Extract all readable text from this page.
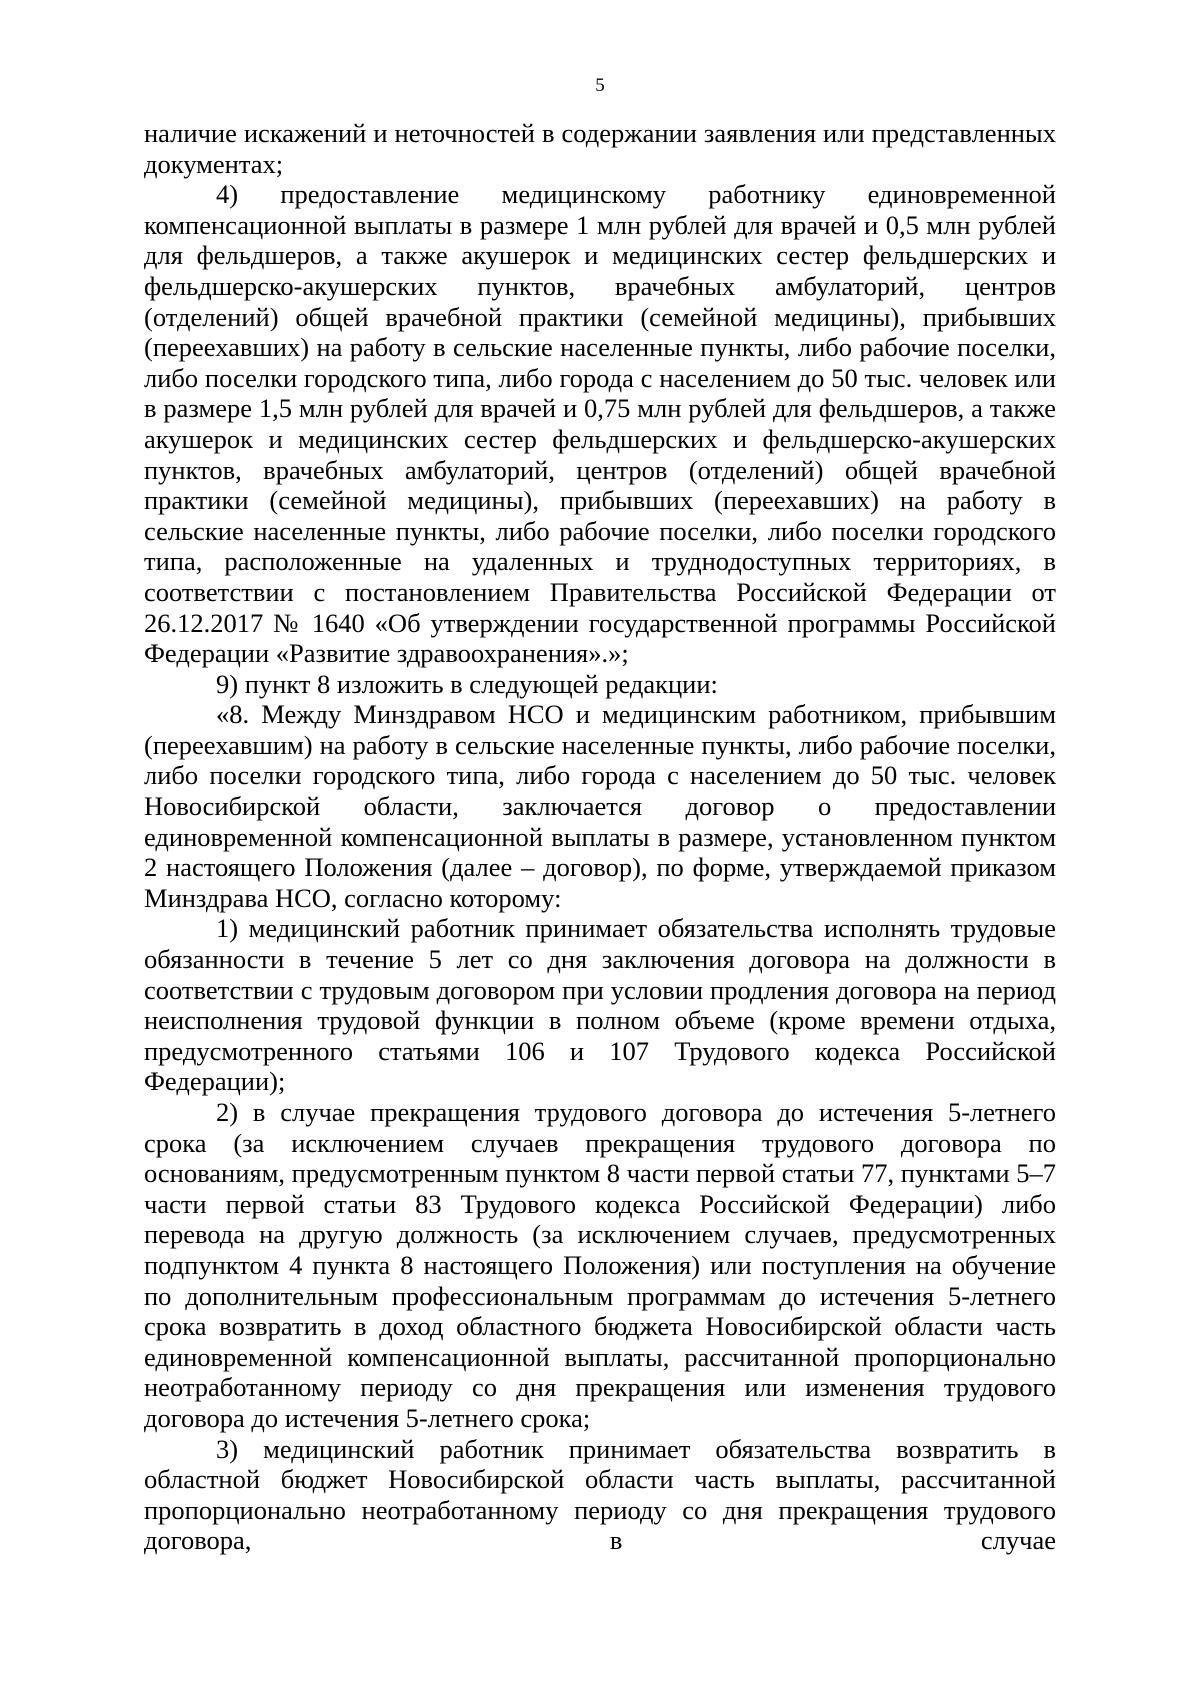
5

наличие искажений и неточностей в содержании заявления или представленных документах;

4) предоставление медицинскому работнику единовременной компенсационной выплаты в размере 1 млн рублей для врачей и 0,5 млн рублей для фельдшеров, а также акушерок и медицинских сестер фельдшерских и фельдшерско-акушерских пунктов, врачебных амбулаторий, центров (отделений) общей врачебной практики (семейной медицины), прибывших (переехавших) на работу в сельские населенные пункты, либо рабочие поселки, либо поселки городского типа, либо города с населением до 50 тыс. человек или в размере 1,5 млн рублей для врачей и 0,75 млн рублей для фельдшеров, а также акушерок и медицинских сестер фельдшерских и фельдшерско-акушерских пунктов, врачебных амбулаторий, центров (отделений) общей врачебной практики (семейной медицины), прибывших (переехавших) на работу в сельские населенные пункты, либо рабочие поселки, либо поселки городского типа, расположенные на удаленных и труднодоступных территориях, в соответствии с постановлением Правительства Российской Федерации от 26.12.2017 № 1640 «Об утверждении государственной программы Российской Федерации «Развитие здравоохранения».»;

9) пункт 8 изложить в следующей редакции:

«8. Между Минздравом НСО и медицинским работником, прибывшим (переехавшим) на работу в сельские населенные пункты, либо рабочие поселки, либо поселки городского типа, либо города с населением до 50 тыс. человек Новосибирской области, заключается договор о предоставлении единовременной компенсационной выплаты в размере, установленном пунктом 2 настоящего Положения (далее – договор), по форме, утверждаемой приказом Минздрава НСО, согласно которому:

1) медицинский работник принимает обязательства исполнять трудовые обязанности в течение 5 лет со дня заключения договора на должности в соответствии с трудовым договором при условии продления договора на период неисполнения трудовой функции в полном объеме (кроме времени отдыха, предусмотренного статьями 106 и 107 Трудового кодекса Российской Федерации);

2) в случае прекращения трудового договора до истечения 5-летнего срока (за исключением случаев прекращения трудового договора по основаниям, предусмотренным пунктом 8 части первой статьи 77, пунктами 5–7 части первой статьи 83 Трудового кодекса Российской Федерации) либо перевода на другую должность (за исключением случаев, предусмотренных подпунктом 4 пункта 8 настоящего Положения) или поступления на обучение по дополнительным профессиональным программам до истечения 5-летнего срока возвратить в доход областного бюджета Новосибирской области часть единовременной компенсационной выплаты, рассчитанной пропорционально неотработанному периоду со дня прекращения или изменения трудового договора до истечения 5-летнего срока;

3) медицинский работник принимает обязательства возвратить в областной бюджет Новосибирской области часть выплаты, рассчитанной пропорционально неотработанному периоду со дня прекращения трудового договора, в случае
